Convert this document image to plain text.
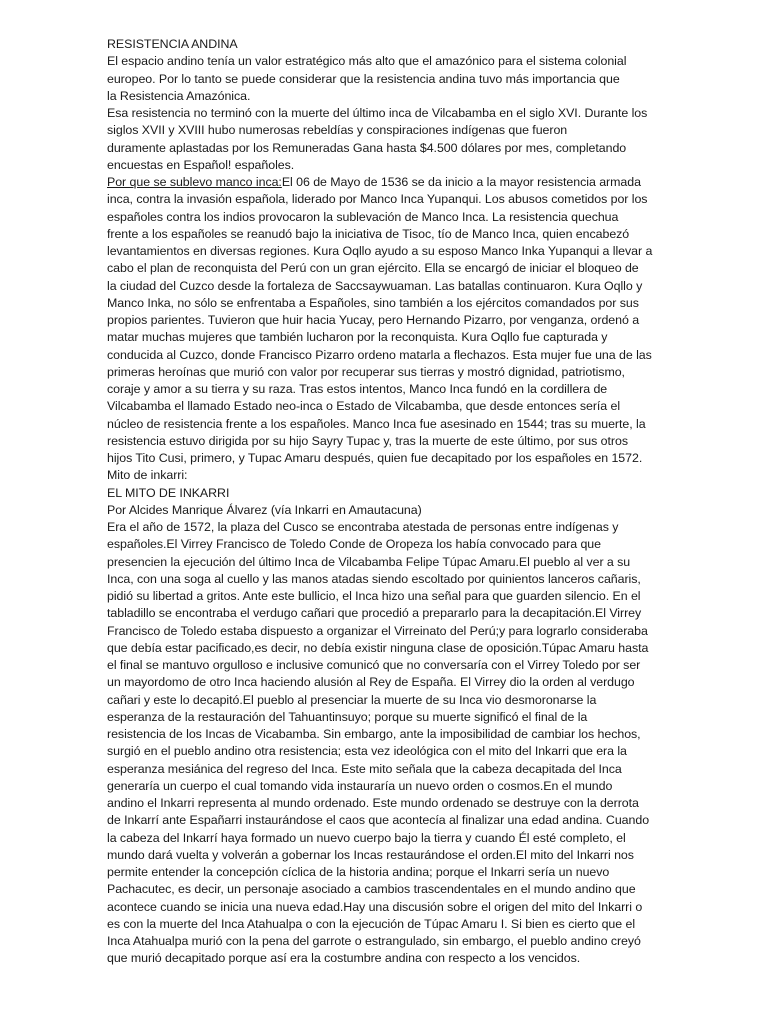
RESISTENCIA ANDINA
El espacio andino tenía un valor estratégico más alto que el amazónico para el sistema colonial
europeo. Por lo tanto se puede considerar que la resistencia andina tuvo más importancia que
la Resistencia Amazónica.
Esa resistencia no terminó con la muerte del último inca de Vilcabamba en el siglo XVI. Durante los
siglos XVII y XVIII hubo numerosas rebeldías y conspiraciones indígenas que fueron
duramente aplastadas por los Remuneradas Gana hasta $4.500 dólares por mes, completando
encuestas en Español! españoles.
Por que se sublevo manco inca:El 06 de Mayo de 1536 se da inicio a la mayor resistencia armada
inca, contra la invasión española, liderado por Manco Inca Yupanqui. Los abusos cometidos por los
españoles contra los indios provocaron la sublevación de Manco Inca. La resistencia quechua
frente a los españoles se reanudó bajo la iniciativa de Tisoc, tío de Manco Inca, quien encabezó
levantamientos en diversas regiones. Kura Oqllo ayudo a su esposo Manco Inka Yupanqui a llevar a
cabo el plan de reconquista del Perú con un gran ejército. Ella se encargó de iniciar el bloqueo de
la ciudad del Cuzco desde la fortaleza de Saccsaywuaman. Las batallas continuaron. Kura Oqllo y
Manco Inka, no sólo se enfrentaba a Españoles, sino también a los ejércitos comandados por sus
propios parientes. Tuvieron que huir hacia Yucay, pero Hernando Pizarro, por venganza, ordenó a
matar muchas mujeres que también lucharon por la reconquista. Kura Oqllo fue capturada y
conducida al Cuzco, donde Francisco Pizarro ordeno matarla a flechazos. Esta mujer fue una de las
primeras heroínas que murió con valor por recuperar sus tierras y mostró dignidad, patriotismo,
coraje y amor a su tierra y su raza. Tras estos intentos, Manco Inca fundó en la cordillera de
Vilcabamba el llamado Estado neo-inca o Estado de Vilcabamba, que desde entonces sería el
núcleo de resistencia frente a los españoles. Manco Inca fue asesinado en 1544; tras su muerte, la
resistencia estuvo dirigida por su hijo Sayry Tupac y, tras la muerte de este último, por sus otros
hijos Tito Cusi, primero, y Tupac Amaru después, quien fue decapitado por los españoles en 1572.
Mito de inkarri:
EL MITO DE INKARRI
Por Alcides Manrique Álvarez (vía Inkarri en Amautacuna)
Era el año de 1572, la plaza del Cusco se encontraba atestada de personas entre indígenas y
españoles.El Virrey Francisco de Toledo Conde de Oropeza los había convocado para que
presencien la ejecución del último Inca de Vilcabamba Felipe Túpac Amaru.El pueblo al ver a su
Inca, con una soga al cuello y las manos atadas siendo escoltado por quinientos lanceros cañaris,
pidió su libertad a gritos. Ante este bullicio, el Inca hizo una señal para que guarden silencio. En el
tabladillo se encontraba el verdugo cañari que procedió a prepararlo para la decapitación.El Virrey
Francisco de Toledo estaba dispuesto a organizar el Virreinato del Perú;y para lograrlo consideraba
que debía estar pacificado,es decir, no debía existir ninguna clase de oposición.Túpac Amaru hasta
el final se mantuvo orgulloso e inclusive comunicó que no conversaría con el Virrey Toledo por ser
un mayordomo de otro Inca haciendo alusión al Rey de España. El Virrey dio la orden al verdugo
cañari y este lo decapitó.El pueblo al presenciar la muerte de su Inca vio desmoronarse la
esperanza de la restauración del Tahuantinsuyo; porque su muerte significó el final de la
resistencia de los Incas de Vicabamba. Sin embargo, ante la imposibilidad de cambiar los hechos,
surgió en el pueblo andino otra resistencia; esta vez ideológica con el mito del Inkarri que era la
esperanza mesiánica del regreso del Inca. Este mito señala que la cabeza decapitada del Inca
generaría un cuerpo el cual tomando vida instauraría un nuevo orden o cosmos.En el mundo
andino el Inkarri representa al mundo ordenado. Este mundo ordenado se destruye con la derrota
de Inkarrí ante Españarri instaurándose el caos que acontecía al finalizar una edad andina. Cuando
la cabeza del Inkarrí haya formado un nuevo cuerpo bajo la tierra y cuando Él esté completo, el
mundo dará vuelta y volverán a gobernar los Incas restaurándose el orden.El mito del Inkarri nos
permite entender la concepción cíclica de la historia andina; porque el Inkarri sería un nuevo
Pachacutec, es decir, un personaje asociado a cambios trascendentales en el mundo andino que
acontece cuando se inicia una nueva edad.Hay una discusión sobre el origen del mito del Inkarri o
es con la muerte del Inca Atahualpa o con la ejecución de Túpac Amaru I. Si bien es cierto que el
Inca Atahualpa murió con la pena del garrote o estrangulado, sin embargo, el pueblo andino creyó
que murió decapitado porque así era la costumbre andina con respecto a los vencidos.
